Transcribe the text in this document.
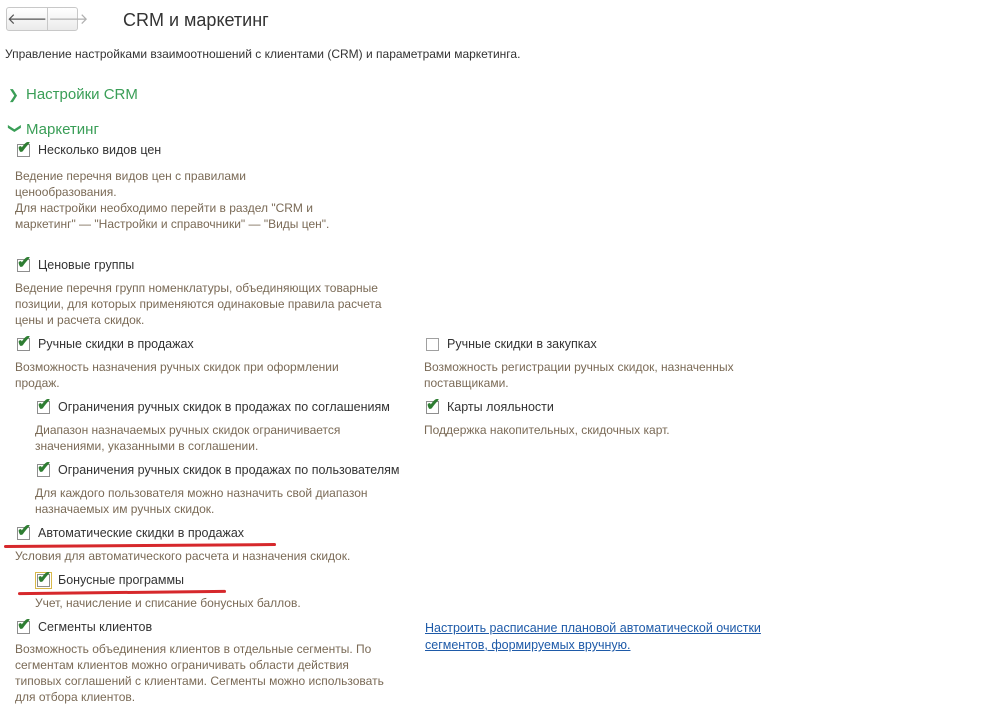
🡐 🡒 CRM и маркетинг
Управление настройками взаимоотношений с клиентами (CRM) и параметрами маркетинга.
❯ Настройки CRM
❯ Маркетинг
✔ Несколько видов цен
Ведение перечня видов цен с правилами
ценообразования.
Для настройки необходимо перейти в раздел "CRM и
маркетинг" — "Настройки и справочники" — "Виды цен".
✔ Ценовые группы
Ведение перечня групп номенклатуры, объединяющих товарные
позиции, для которых применяются одинаковые правила расчета
цены и расчета скидок.
✔ Ручные скидки в продажах
Возможность назначения ручных скидок при оформлении
продаж.
Ручные скидки в закупках
Возможность регистрации ручных скидок, назначенных
поставщиками.
✔ Ограничения ручных скидок в продажах по соглашениям
Диапазон назначаемых ручных скидок ограничивается
значениями, указанными в соглашении.
✔ Карты лояльности
Поддержка накопительных, скидочных карт.
✔ Ограничения ручных скидок в продажах по пользователям
Для каждого пользователя можно назначить свой диапазон
назначаемых им ручных скидок.
✔ Автоматические скидки в продажах
Условия для автоматического расчета и назначения скидок.
✔ Бонусные программы
Учет, начисление и списание бонусных баллов.
✔ Сегменты клиентов
Возможность объединения клиентов в отдельные сегменты. По
сегментам клиентов можно ограничивать области действия
типовых соглашений с клиентами. Сегменты можно использовать
для отбора клиентов.
Настроить расписание плановой автоматической очистки
сегментов, формируемых вручную.
